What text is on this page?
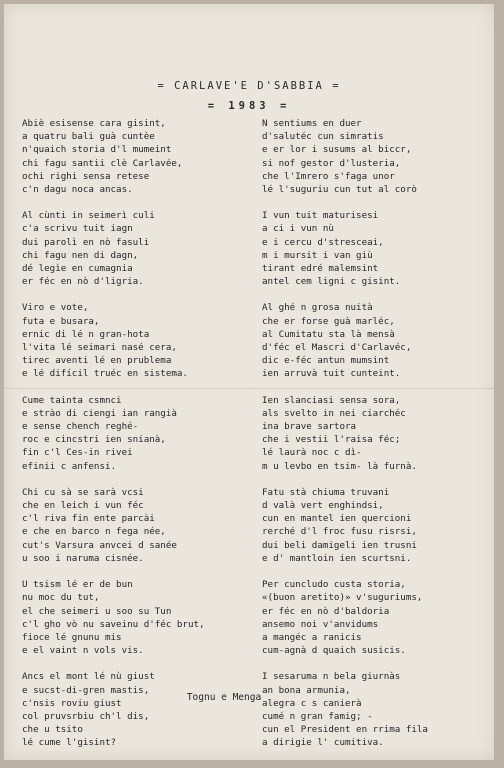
= CARLAVE'E D'SABBIA =
= 1983 =
Abiè esisense cara gisint,
a quatru bali guà cuntèe
n'quaich storia d'l mumeint
chi fagu santii clè Carlavée,
ochi righi sensa retese
c'n dagu noca ancas.
Al cùnti in seimerì culi
c'a scrivu tuit iagn
dui parolì en nò fasuli
chi fagu nen di dagn,
dé legìe en cumagnia
er féc en nò d'ligria.
Viro e vote,
futa e busara,
ernic di lé n gran-hota
l'vita lé seimari nasé cera,
tirec aventi lé en prublema
e lé difícil truéc en sistema.
Cume tainta csmnci
e strào di ciengi ian rangià
e sense chench reghé-
roc e cincstri ien snianà,
fin c'l Ces-in rivei
efinii c anfensi.
Chi cu sà se sarà vcsi
che en leich i vun féc
c'l riva fin ente parcài
e che en barco n fega née,
cut's Varsura anvcei d sanée
u soo i naruma cisnée.
U tsism lé er de bun
nu moc du tut,
el che seimeri u soo su Tun
c'l gho vò nu saveinu d'féc brut,
fioce lé gnunu mis
e el vaint n vols vis.
Ancs el mont lé nù giust
e sucst-di-gren mastis,
c'nsis roviu giust
col pruvsrbiu ch'l dis,
che u tsito
lé cume l'gisint?
N sentiums en duer
d'salutéc cun simratis
e er lor i susums al biccr,
si nof gestor d'lusteria,
che l'Imrero s'faga unor
lé l'suguriu cun tut al corò
I vun tuit maturisesi
a ci i vun nù
e i cercu d'stresceai,
m i mursit i van giù
tirant edré malemsint
antel cem ligni c gisint.
Al ghé n grosa nuità
che er forse guà marléc,
al Cumitatu sta là mensà
d'féc el Mascri d'Carlavéc,
dic e-féc antun mumsint
ien arruvà tuit cunteint.
Ien slanciasi sensa sora,
als svelto in nei ciarchéc
ina brave sartora
che i vestii l'raisa féc;
lé laurà noc c dì-
m u levbo en tsim- là furnà.
Fatu stà chiuma truvani
d valà vert enghindsi,
cun en mantel ien quercioni
rerché d'l froc fusu risrsi,
dui beli damigeli ien trusni
e d' mantloin ien scurtsni.
Per cuncludo custa storia,
«(buon aretito)» v'suguriums,
er féc en nò d'baldoria
ansemo noi v'anvidums
a mangéc a ranicis
cum-agnà d quaich susicis.
I sesaruma n bela giurnàs
an bona armunia,
alegra c s canierà
cumé n gran famig; -
cun el President en rrima fila
a dirigie l' cumitiva.
Tognu e Menga
